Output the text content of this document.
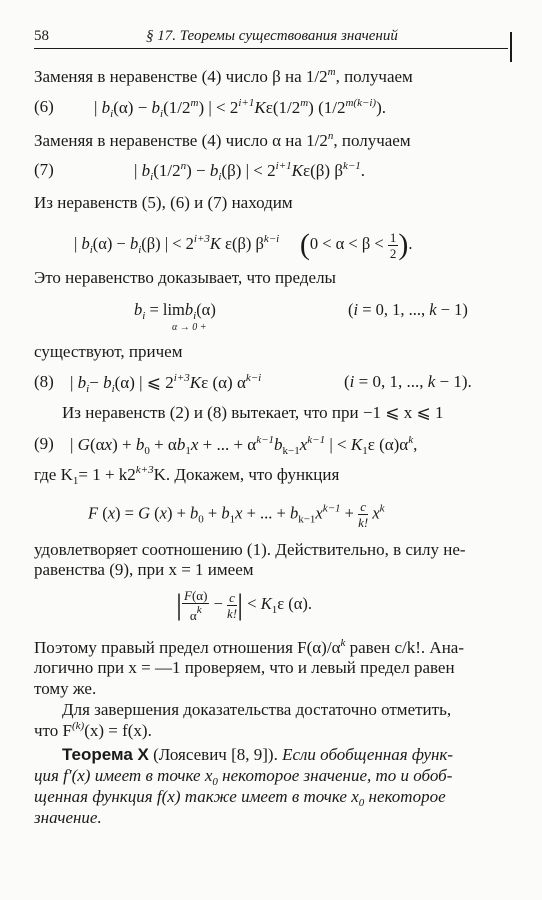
58	§ 17. Теоремы существования значений
Заменяя в неравенстве (4) число β на 1/2$^m$, получаем
(6) | $b_i(\alpha) - b_i(1/2^m)$ | < $2^{i+1}K\varepsilon(1/2^m)$ $(1/2^{m(k-i)})$.
Заменяя в неравенстве (4) число α на 1/2$^n$, получаем
(7)	| $b_i(1/2^n) - b_i(\beta)$ | < $2^{i+1}K\varepsilon(\beta)$ $\beta^{k-1}$.
Из неравенств (5), (6) и (7) находим
| $b_i(\alpha) - b_i(\beta)$ | < $2^{i+3}K$ ε(β) $\beta^{k-i}$ ($0 < \alpha < \beta < \frac{1}{2}$ ).
Это неравенство доказывает, что пределы
$b_i = \lim b_i(\alpha)$
α → 0 +
(i = 0, 1, ..., k − 1)
существуют, причем
(8) | $b_i- b_i(\alpha)$ | ⩽ $2^{i+3}K\varepsilon$ (α) $\alpha^{k-i}$	(i = 0, 1, ..., k − 1).
Из неравенств (2) и (8) вытекает, что при −1 ⩽ x ⩽ 1
(9) | $G(\alpha x) + b_0 + \alpha b_1x$ + ... + $\alpha^{k-1}b_{k-1}x^{k-1}$ | < $K_1\varepsilon$ $(\alpha)\alpha^k$,
где $K_1= 1 + k2^{k+3}K$. Докажем, что функция
F (x) = G $(x) + b_0 + b_1x$ + ... + $b_{k-1}x^{k-1} + \frac{c}{k!} x^k$
удовлетворяет соотношению (1). Действительно, в силу не-
равенства (9), при x = 1 имеем
| $\frac{F(\alpha)}{\alpha^k} - \frac{c}{k!}$ | < $K_1\varepsilon$ (α).
Поэтому правый предел отношения $F(\alpha)/\alpha^k$ равен c/k!. Ана-
логично при x = —1 проверяем, что и левый предел равен
тому же.
Для завершения доказательства достаточно отметить,
что $F^{(k)}(x) = f(x)$.
Теорема X (Лоясевич [8, 9]). Если обобщенная функ-
ция f′(x) имеет в точке $x_0$ некоторое значение, то и обоб-
щенная функция f(x) также имеет в точке $x_0$ некоторое
значение.
